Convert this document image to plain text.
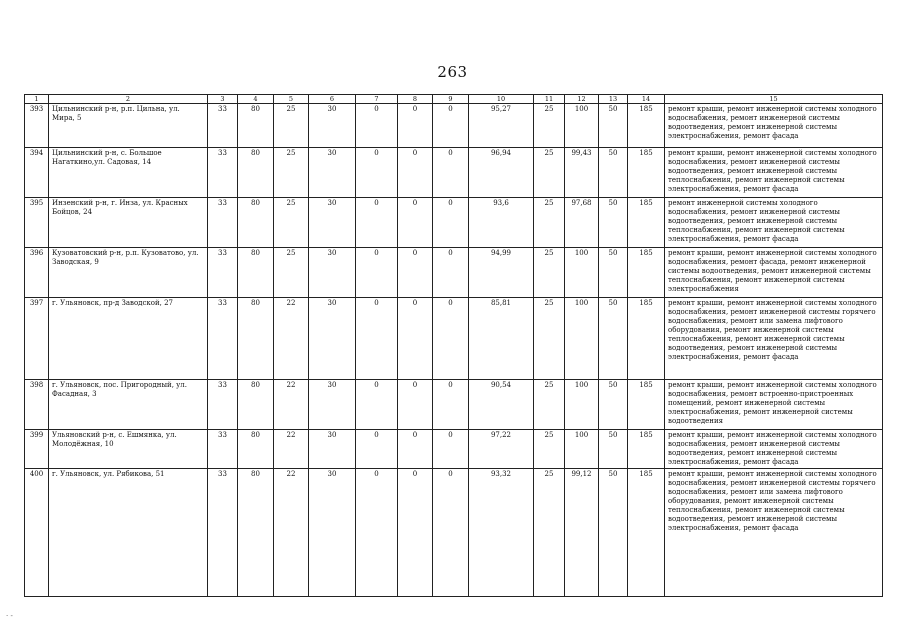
263
1	2	3	4	5	6	7	8	9	10	11	12	13	14	15
393	Цильнинский р-н, р.п. Цильна, ул. Мира, 5	33	80	25	30	0	0	0	95,27	25	100	50	185	ремонт крыши, ремонт инженерной системы холодного водоснабжения, ремонт инженерной системы водоотведения, ремонт инженерной системы электроснабжения, ремонт фасада
394	Цильнинский р-н, с. Большое Нагаткино,ул. Садовая, 14	33	80	25	30	0	0	0	96,94	25	99,43	50	185	ремонт крыши, ремонт инженерной системы холодного водоснабжения, ремонт инженерной системы водоотведения, ремонт инженерной системы теплоснабжения, ремонт инженерной системы электроснабжения, ремонт фасада
395	Инзенский р-н, г. Инза, ул. Красных Бойцов, 24	33	80	25	30	0	0	0	93,6	25	97,68	50	185	ремонт инженерной системы холодного водоснабжения, ремонт инженерной системы водоотведения, ремонт инженерной системы теплоснабжения, ремонт инженерной системы электроснабжения, ремонт фасада
396	Кузоватовский р-н, р.п. Кузоватово, ул. Заводская, 9	33	80	25	30	0	0	0	94,99	25	100	50	185	ремонт крыши, ремонт инженерной системы холодного водоснабжения, ремонт фасада, ремонт инженерной системы водоотведения, ремонт инженерной системы теплоснабжения, ремонт инженерной системы электроснабжения
397	г. Ульяновск, пр-д Заводской, 27	33	80	22	30	0	0	0	85,81	25	100	50	185	ремонт крыши, ремонт инженерной системы холодного водоснабжения, ремонт инженерной системы горячего водоснабжения, ремонт или замена лифтового оборудования, ремонт инженерной системы теплоснабжения, ремонт инженерной системы водоотведения, ремонт инженерной системы электроснабжения, ремонт фасада
398	г. Ульяновск, пос. Пригородный, ул. Фасадная, 3	33	80	22	30	0	0	0	90,54	25	100	50	185	ремонт крыши, ремонт инженерной системы холодного водоснабжения, ремонт встроенно-пристроенных помещений, ремонт инженерной системы электроснабжения, ремонт инженерной системы водоотведения
399	Ульяновский р-н, с. Ешмянка, ул. Молодёжная, 10	33	80	22	30	0	0	0	97,22	25	100	50	185	ремонт крыши, ремонт инженерной системы холодного водоснабжения, ремонт инженерной системы водоотведения, ремонт инженерной системы электроснабжения, ремонт фасада
400	г. Ульяновск, ул. Рябикова, 51	33	80	22	30	0	0	0	93,32	25	99,12	50	185	ремонт крыши, ремонт инженерной системы холодного водоснабжения, ремонт инженерной системы горячего водоснабжения, ремонт или замена лифтового оборудования, ремонт инженерной системы теплоснабжения, ремонт инженерной системы водоотведения, ремонт инженерной системы электроснабжения, ремонт фасада
· -
